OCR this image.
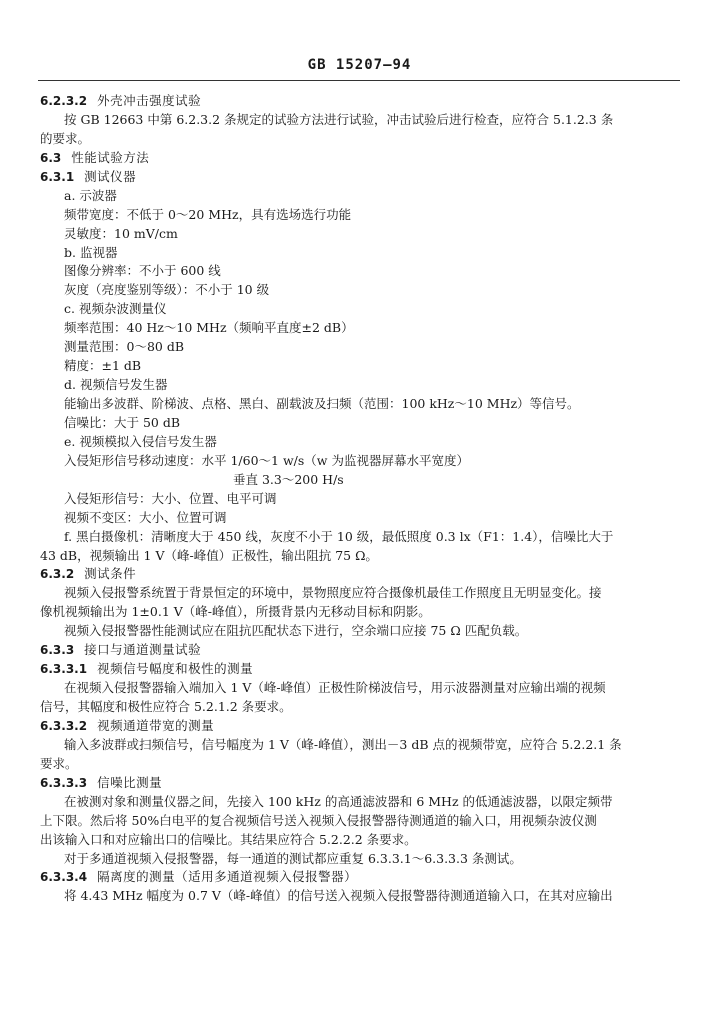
GB 15207—94
6.2.3.2 外壳冲击强度试验
按 GB 12663 中第 6.2.3.2 条规定的试验方法进行试验，冲击试验后进行检查，应符合 5.1.2.3 条
的要求。
6.3 性能试验方法
6.3.1 测试仪器
a. 示波器
频带宽度：不低于 0～20 MHz，具有选场选行功能
灵敏度：10 mV/cm
b. 监视器
图像分辨率：不小于 600 线
灰度（亮度鉴别等级）：不小于 10 级
c. 视频杂波测量仪
频率范围：40 Hz～10 MHz（频响平直度±2 dB）
测量范围：0～80 dB
精度：±1 dB
d. 视频信号发生器
能输出多波群、阶梯波、点格、黑白、副载波及扫频（范围：100 kHz～10 MHz）等信号。
信噪比：大于 50 dB
e. 视频模拟入侵信号发生器
入侵矩形信号移动速度：水平 1/60～1 w/s（w 为监视器屏幕水平宽度）
垂直 3.3～200 H/s
入侵矩形信号：大小、位置、电平可调
视频不变区：大小、位置可调
f. 黑白摄像机：清晰度大于 450 线，灰度不小于 10 级，最低照度 0.3 lx（F1：1.4），信噪比大于
43 dB，视频输出 1 V（峰-峰值）正极性，输出阻抗 75 Ω。
6.3.2 测试条件
视频入侵报警系统置于背景恒定的环境中，景物照度应符合摄像机最佳工作照度且无明显变化。接
像机视频输出为 1±0.1 V（峰-峰值），所摄背景内无移动目标和阴影。
视频入侵报警器性能测试应在阻抗匹配状态下进行，空余端口应接 75 Ω 匹配负载。
6.3.3 接口与通道测量试验
6.3.3.1 视频信号幅度和极性的测量
在视频入侵报警器输入端加入 1 V（峰-峰值）正极性阶梯波信号，用示波器测量对应输出端的视频
信号，其幅度和极性应符合 5.2.1.2 条要求。
6.3.3.2 视频通道带宽的测量
输入多波群或扫频信号，信号幅度为 1 V（峰-峰值），测出－3 dB 点的视频带宽，应符合 5.2.2.1 条
要求。
6.3.3.3 信噪比测量
在被测对象和测量仪器之间，先接入 100 kHz 的高通滤波器和 6 MHz 的低通滤波器，以限定频带
上下限。然后将 50%白电平的复合视频信号送入视频入侵报警器待测通道的输入口，用视频杂波仪测
出该输入口和对应输出口的信噪比。其结果应符合 5.2.2.2 条要求。
对于多通道视频入侵报警器，每一通道的测试都应重复 6.3.3.1～6.3.3.3 条测试。
6.3.3.4 隔离度的测量（适用多通道视频入侵报警器）
将 4.43 MHz 幅度为 0.7 V（峰-峰值）的信号送入视频入侵报警器待测通道输入口，在其对应输出
